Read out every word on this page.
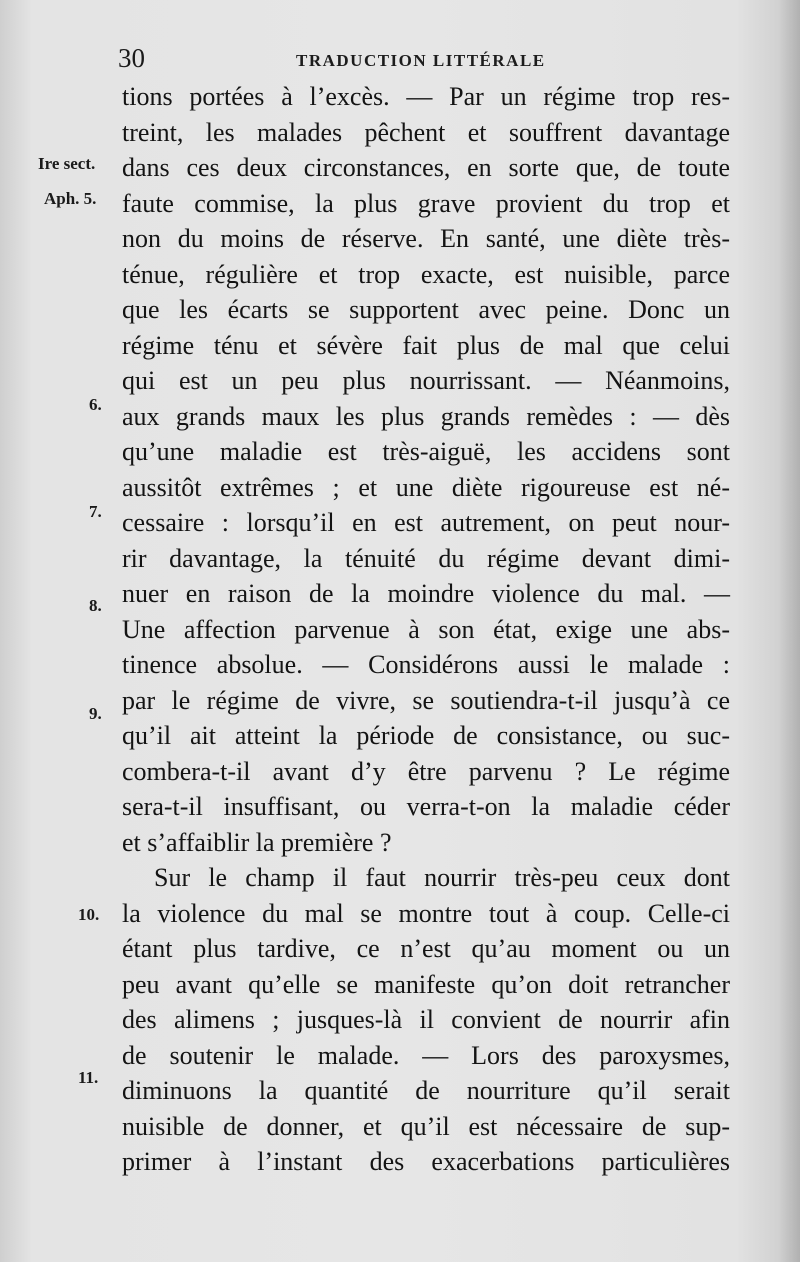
30	TRADUCTION LITTÉRALE
Ire sect.
Aph. 5.
6.
7.
8.
9.
10.
11.
tions portées à l’excès. — Par un régime trop res-
treint, les malades pêchent et souffrent davantage
dans ces deux circonstances, en sorte que, de toute
faute commise, la plus grave provient du trop et
non du moins de réserve. En santé, une diète très-
ténue, régulière et trop exacte, est nuisible, parce
que les écarts se supportent avec peine. Donc un
régime ténu et sévère fait plus de mal que celui
qui est un peu plus nourrissant. — Néanmoins,
aux grands maux les plus grands remèdes : — dès
qu’une maladie est très-aiguë, les accidens sont
aussitôt extrêmes ; et une diète rigoureuse est né-
cessaire : lorsqu’il en est autrement, on peut nour-
rir davantage, la ténuité du régime devant dimi-
nuer en raison de la moindre violence du mal. —
Une affection parvenue à son état, exige une abs-
tinence absolue. — Considérons aussi le malade :
par le régime de vivre, se soutiendra-t-il jusqu’à ce
qu’il ait atteint la période de consistance, ou suc-
combera-t-il avant d’y être parvenu ? Le régime
sera-t-il insuffisant, ou verra-t-on la maladie céder
et s’affaiblir la première ?
Sur le champ il faut nourrir très-peu ceux dont
la violence du mal se montre tout à coup. Celle-ci
étant plus tardive, ce n’est qu’au moment ou un
peu avant qu’elle se manifeste qu’on doit retrancher
des alimens ; jusques-là il convient de nourrir afin
de soutenir le malade. — Lors des paroxysmes,
diminuons la quantité de nourriture qu’il serait
nuisible de donner, et qu’il est nécessaire de sup-
primer à l’instant des exacerbations particulières
